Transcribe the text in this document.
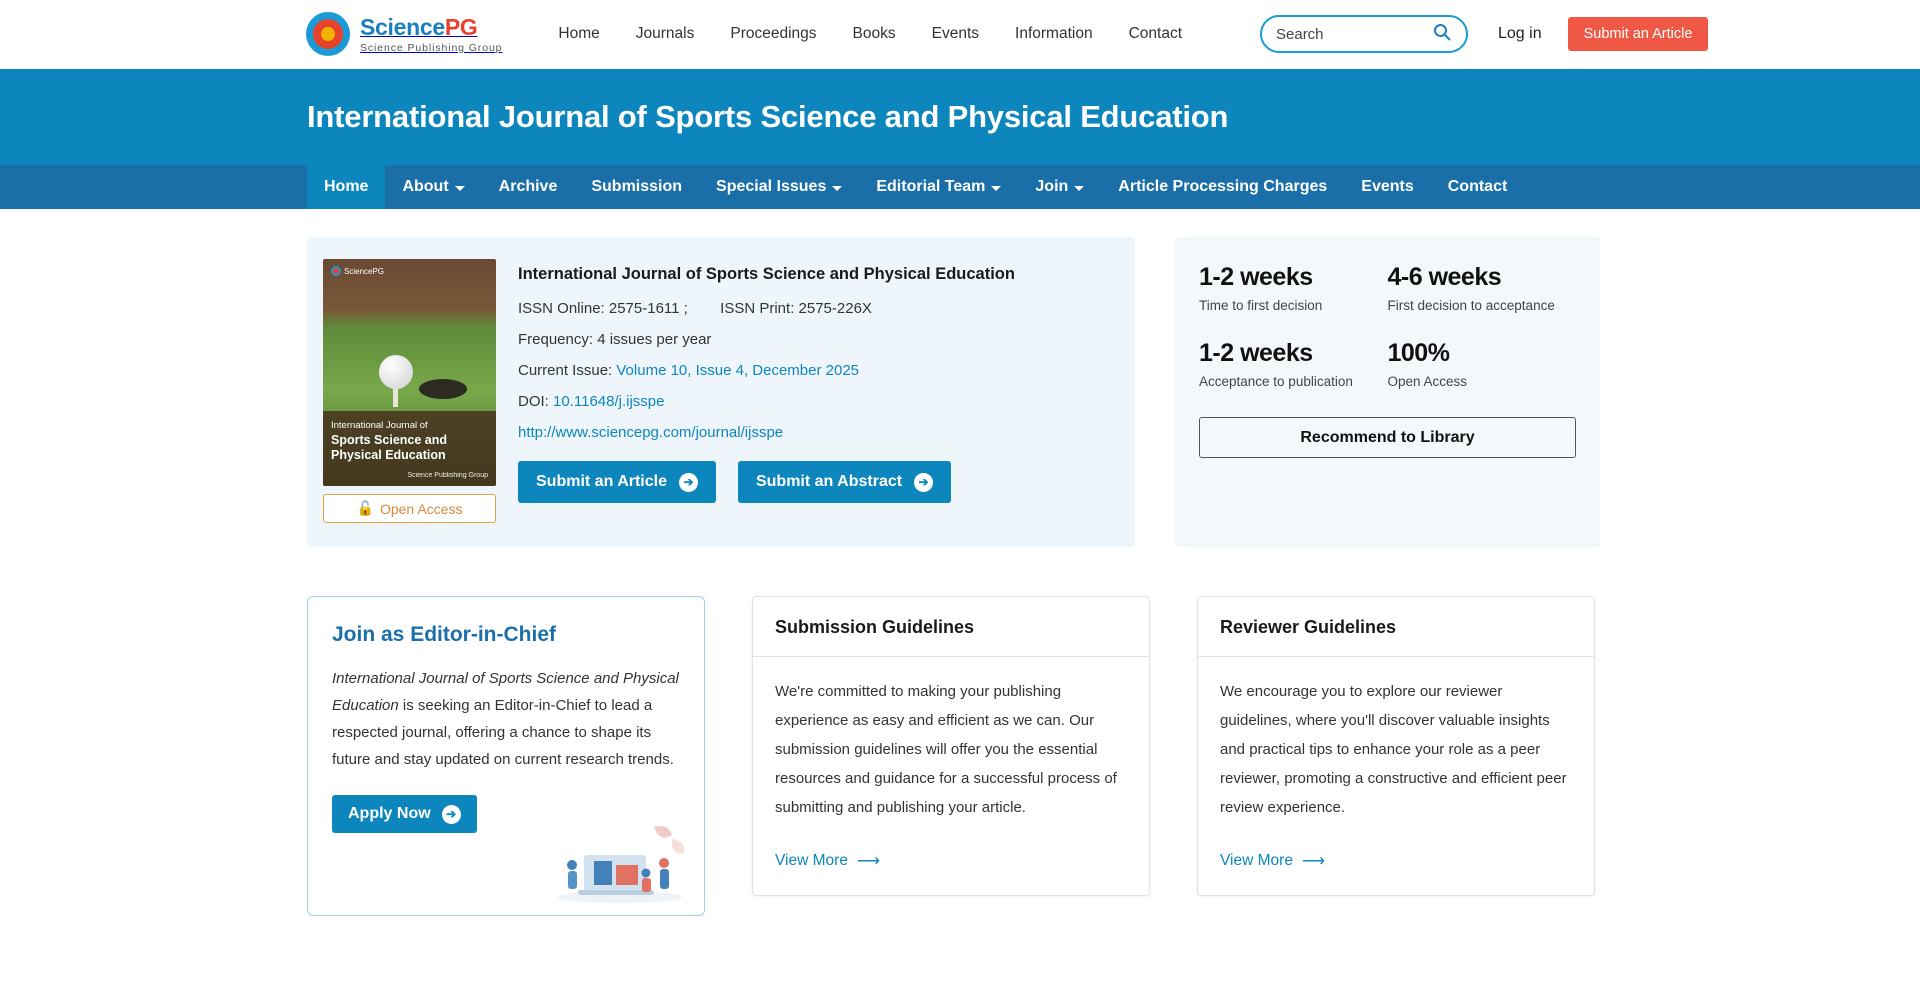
SciencePG
Science Publishing Group
Home	Journals	Proceedings	Books	Events	Information	Contact
Search	Log in	Submit an Article
International Journal of Sports Science and Physical Education
Home About	Archive Submission Special Issues	Editorial Team	Join	Article Processing Charges Events Contact
SciencePG
International Journal of
Sports Science and Physical Education
Science Publishing Group
🔓 Open Access
International Journal of Sports Science and Physical Education
ISSN Online: 2575-1611 ; ISSN Print: 2575-226X
Frequency: 4 issues per year
Current Issue: Volume 10, Issue 4, December 2025
DOI: 10.11648/j.ijsspe
http://www.sciencepg.com/journal/ijsspe
Submit an Article	➔	Submit an Abstract	➔
1-2 weeks
Time to first decision
4-6 weeks
First decision to acceptance
1-2 weeks
Acceptance to publication
100%
Open Access
Recommend to Library
Join as Editor-in-Chief
International Journal of Sports Science and Physical Education is seeking an Editor-in-Chief to lead a respected journal, offering a chance to shape its future and stay updated on current research trends.
Apply Now	➔
Submission Guidelines

We're committed to making your publishing experience as easy and efficient as we can. Our submission guidelines will offer you the essential resources and guidance for a successful process of submitting and publishing your article.

View More ⟶
Reviewer Guidelines

We encourage you to explore our reviewer guidelines, where you'll discover valuable insights and practical tips to enhance your role as a peer reviewer, promoting a constructive and efficient peer review experience.

View More ⟶
